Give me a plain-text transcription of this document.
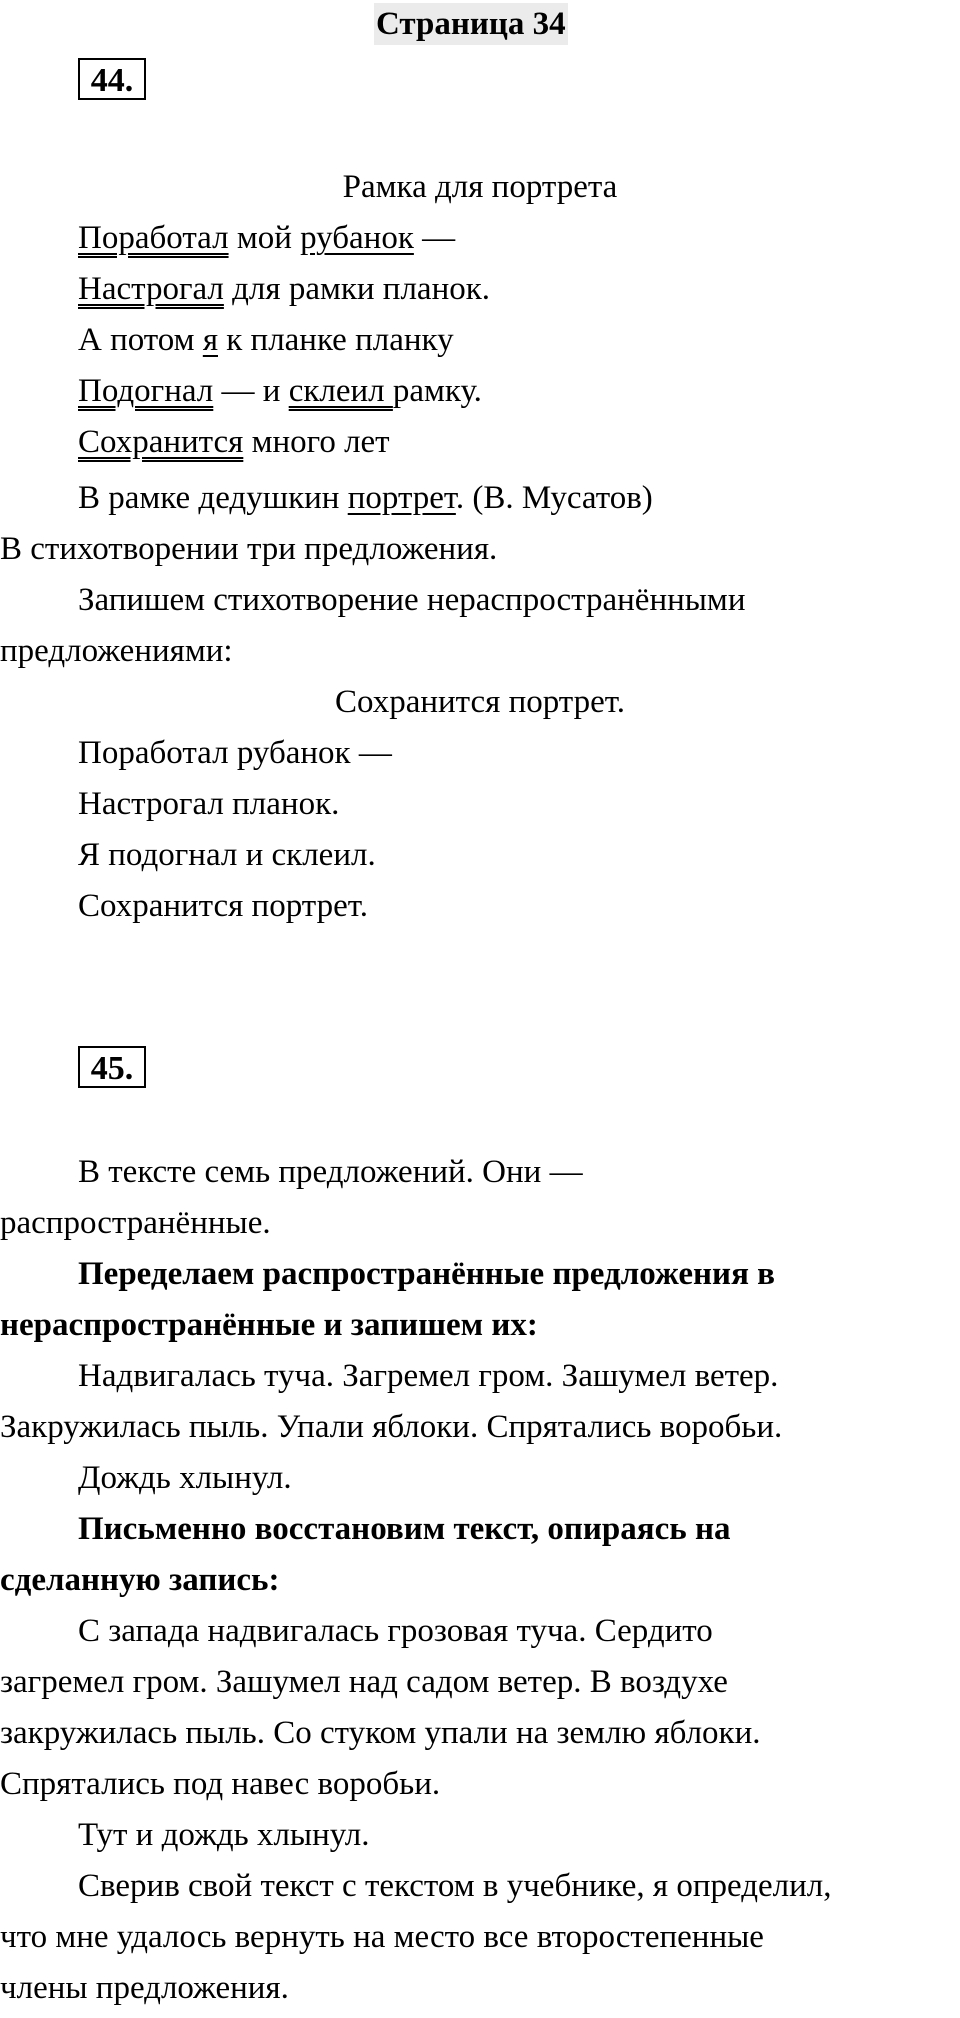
Страница 34
44.
Рамка для портрета
Поработал мой рубанок —
Настрогал для рамки планок.
А потом я к планке планку
Подогнал — и склеил рамку.
Сохранится много лет
В рамке дедушкин портрет. (В. Мусатов)
В стихотворении три предложения.
Запишем стихотворение нераспространёнными
предложениями:
Сохранится портрет.
Поработал рубанок —
Настрогал планок.
Я подогнал и склеил.
Сохранится портрет.
45.
В тексте семь предложений. Они —
распространённые.
Переделаем распространённые предложения в
нераспространённые и запишем их:
Надвигалась туча. Загремел гром. Зашумел ветер.
Закружилась пыль. Упали яблоки. Спрятались воробьи.
Дождь хлынул.
Письменно восстановим текст, опираясь на
сделанную запись:
С запада надвигалась грозовая туча. Сердито
загремел гром. Зашумел над садом ветер. В воздухе
закружилась пыль. Со стуком упали на землю яблоки.
Спрятались под навес воробьи.
Тут и дождь хлынул.
Сверив свой текст с текстом в учебнике, я определил,
что мне удалось вернуть на место все второстепенные
члены предложения.
